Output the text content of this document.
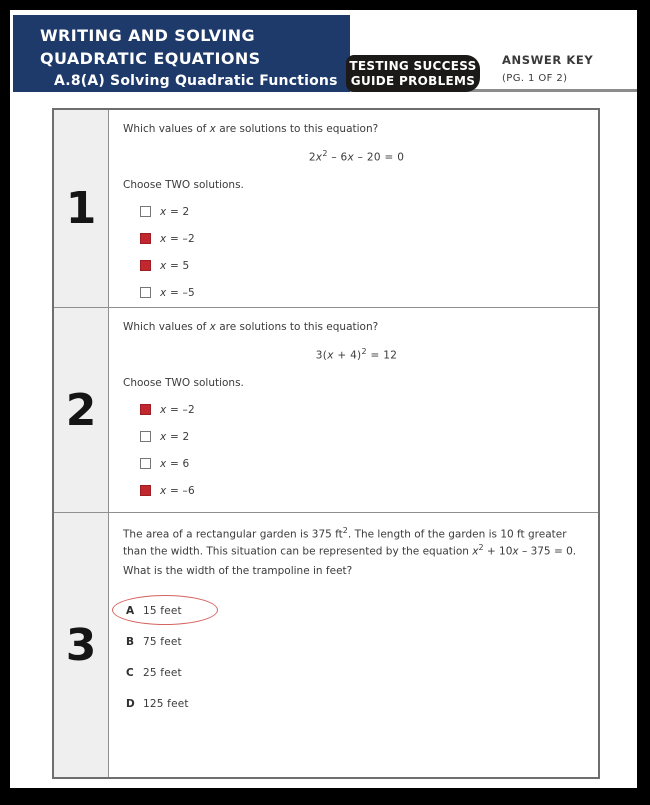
WRITING AND SOLVING
QUADRATIC EQUATIONS
A.8(A) Solving Quadratic Functions
TESTING SUCCESS
GUIDE PROBLEMS
ANSWER KEY
(PG. 1 OF 2)
1
Which values of x are solutions to this equation?
$2x^2 - 6x - 20 = 0$
Choose TWO solutions.
x = 2
x = –2
x = 5
x = –5
2
Which values of x are solutions to this equation?
$3(x + 4)^2 = 12$
Choose TWO solutions.
x = –2
x = 2
x = 6
x = –6
3
The area of a rectangular garden is 375 $ft^2$. The length of the garden is 10 ft greater than the width. This situation can be represented by the equation $x^2 + 10x - 375 = 0$.
What is the width of the trampoline in feet?
A 15 feet
B 75 feet
C 25 feet
D 125 feet
